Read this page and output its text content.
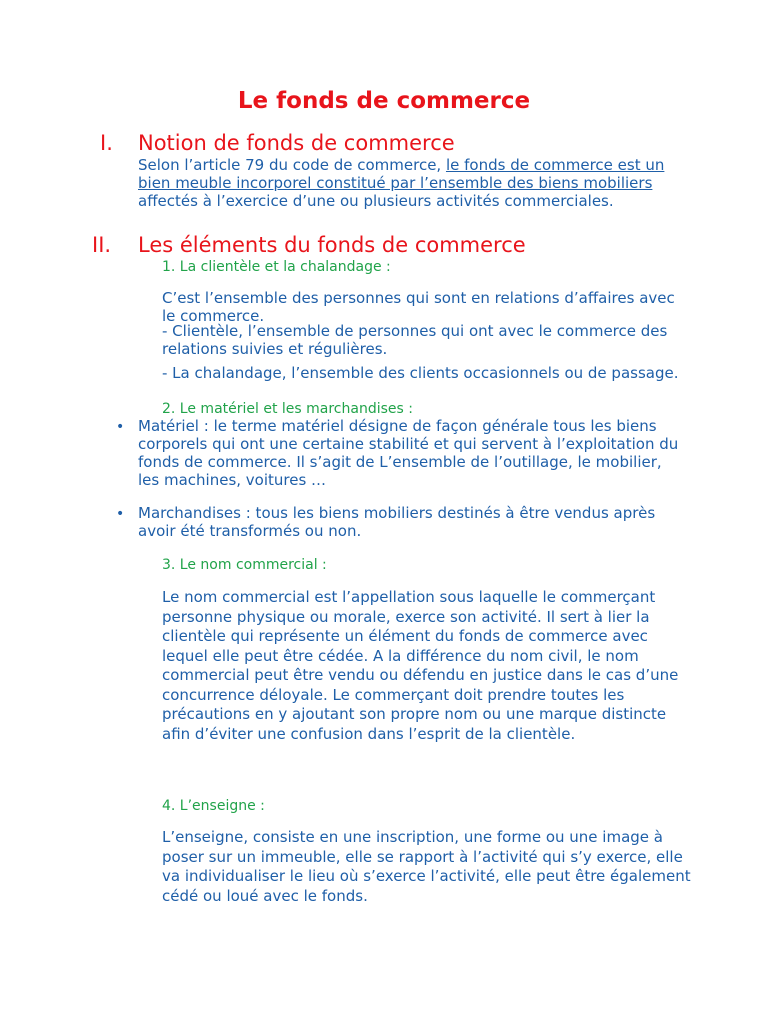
Le fonds de commerce
I. Notion de fonds de commerce

Selon l’article 79 du code de commerce, le fonds de commerce est un bien meuble incorporel constitué par l’ensemble des biens mobiliers affectés à l’exercice d’une ou plusieurs activités commerciales.

II. Les éléments du fonds de commerce
1. La clientèle et la chalandage :

C’est l’ensemble des personnes qui sont en relations d’affaires avec le commerce.

- Clientèle, l’ensemble de personnes qui ont avec le commerce des relations suivies et régulières.

- La chalandage, l’ensemble des clients occasionnels ou de passage.

2. Le matériel et les marchandises :
• Matériel : le terme matériel désigne de façon générale tous les biens corporels qui ont une certaine stabilité et qui servent à l’exploitation du fonds de commerce. Il s’agit de L’ensemble de l’outillage, le mobilier, les machines, voitures …

• Marchandises : tous les biens mobiliers destinés à être vendus après avoir été transformés ou non.

3. Le nom commercial :

Le nom commercial est l’appellation sous laquelle le commerçant personne physique ou morale, exerce son activité. Il sert à lier la clientèle qui représente un élément du fonds de commerce avec lequel elle peut être cédée. A la différence du nom civil, le nom commercial peut être vendu ou défendu en justice dans le cas d’une concurrence déloyale. Le commerçant doit prendre toutes les précautions en y ajoutant son propre nom ou une marque distincte afin d’éviter une confusion dans l’esprit de la clientèle.

4. L’enseigne :

L’enseigne, consiste en une inscription, une forme ou une image à poser sur un immeuble, elle se rapport à l’activité qui s’y exerce, elle va individualiser le lieu où s’exerce l’activité, elle peut être également cédé ou loué avec le fonds.
